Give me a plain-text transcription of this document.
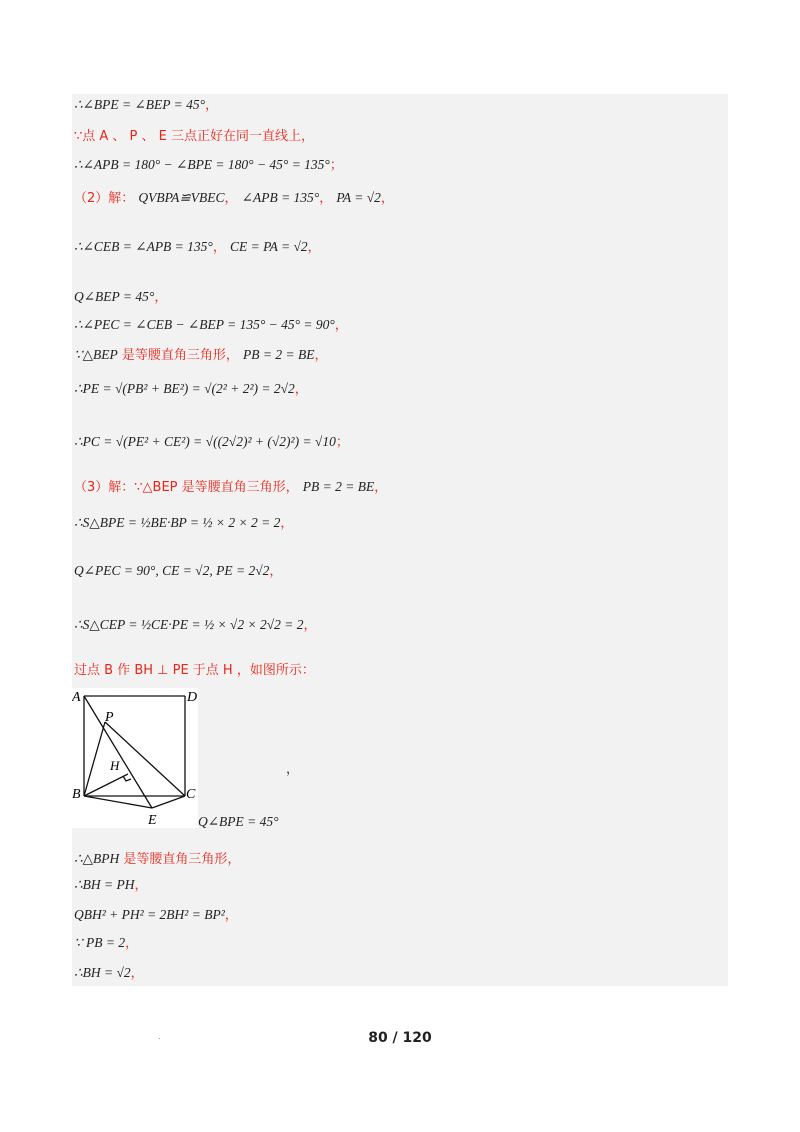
∴∠BPE = ∠BEP = 45°，
∵点 A 、 P 、 E 三点正好在同一直线上，
∴∠APB = 180° − ∠BPE = 180° − 45° = 135°；
（2）解： QVBPA≌VBEC， ∠APB = 135°， PA = √2，
∴∠CEB = ∠APB = 135°， CE = PA = √2，
Q∠BEP = 45°，
∴∠PEC = ∠CEB − ∠BEP = 135° − 45° = 90°，
∵△BEP 是等腰直角三角形， PB = 2 = BE，
∴PE = √(PB² + BE²) = √(2² + 2²) = 2√2，
∴PC = √(PE² + CE²) = √((2√2)² + (√2)²) = √10；
（3）解：∵△BEP 是等腰直角三角形， PB = 2 = BE，
∴S△BPE = ½BE·BP = ½ × 2 × 2 = 2，
Q∠PEC = 90°, CE = √2, PE = 2√2，
∴S△CEP = ½CE·PE = ½ × √2 × 2√2 = 2，
过点 B 作 BH ⊥ PE 于点 H ，如图所示：
A	D
P
H
B	C
E
，
Q∠BPE = 45°
∴△BPH 是等腰直角三角形，
∴BH = PH，
QBH² + PH² = 2BH² = BP²，
∵ PB = 2，
∴BH = √2，
.	80 / 120
